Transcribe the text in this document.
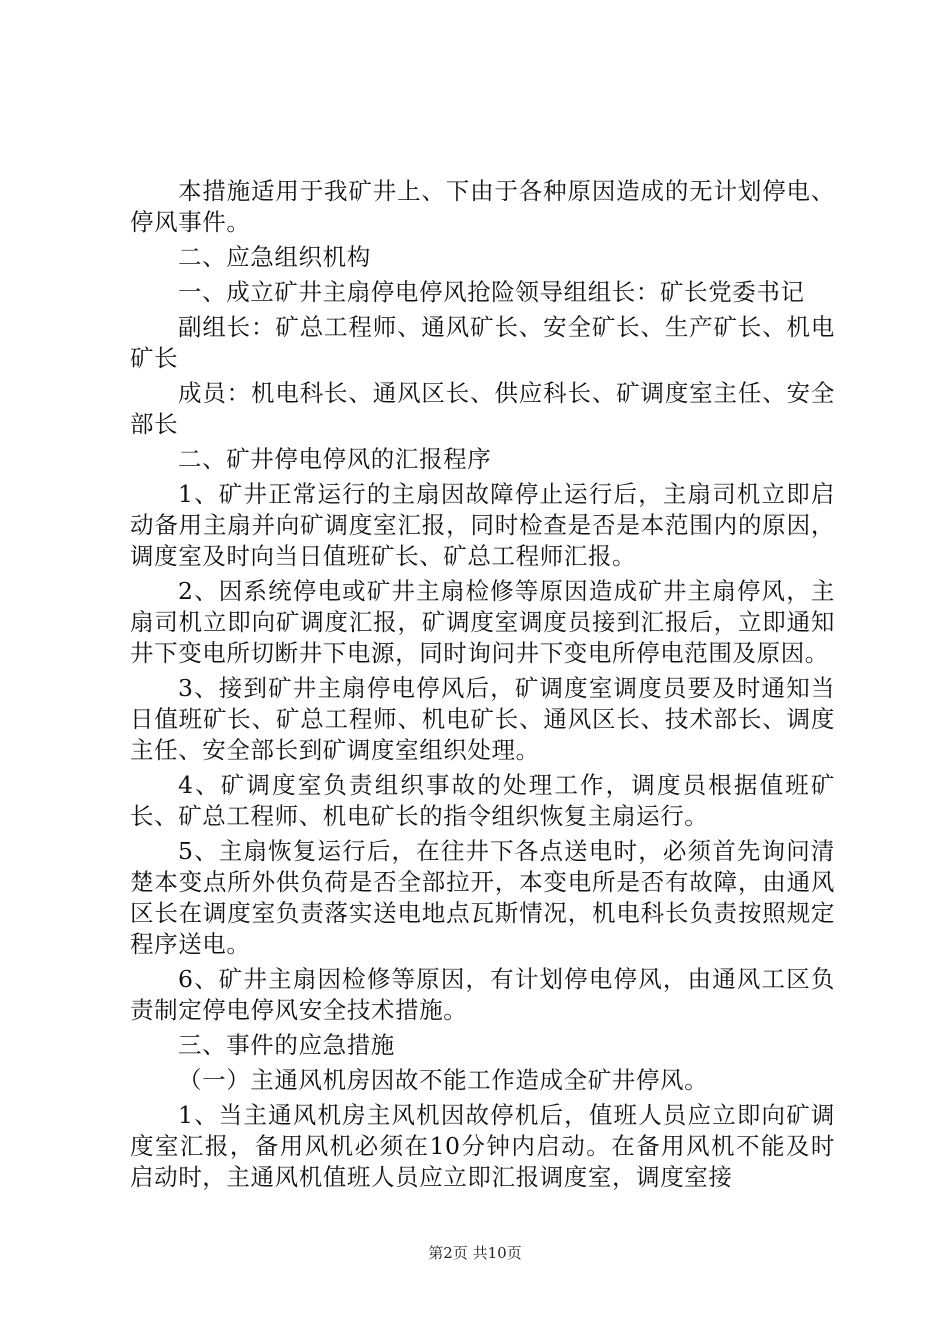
本措施适用于我矿井上、下由于各种原因造成的无计划停电、停风事件。

二、应急组织机构

一、成立矿井主扇停电停风抢险领导组组长：矿长党委书记

副组长：矿总工程师、通风矿长、安全矿长、生产矿长、机电矿长

成员：机电科长、通风区长、供应科长、矿调度室主任、安全部长

二、矿井停电停风的汇报程序

1、矿井正常运行的主扇因故障停止运行后，主扇司机立即启动备用主扇并向矿调度室汇报，同时检查是否是本范围内的原因，调度室及时向当日值班矿长、矿总工程师汇报。

2、因系统停电或矿井主扇检修等原因造成矿井主扇停风，主扇司机立即向矿调度汇报，矿调度室调度员接到汇报后，立即通知井下变电所切断井下电源，同时询问井下变电所停电范围及原因。

3、接到矿井主扇停电停风后，矿调度室调度员要及时通知当日值班矿长、矿总工程师、机电矿长、通风区长、技术部长、调度主任、安全部长到矿调度室组织处理。

4、矿调度室负责组织事故的处理工作，调度员根据值班矿长、矿总工程师、机电矿长的指令组织恢复主扇运行。

5、主扇恢复运行后，在往井下各点送电时，必须首先询问清楚本变点所外供负荷是否全部拉开，本变电所是否有故障，由通风区长在调度室负责落实送电地点瓦斯情况，机电科长负责按照规定程序送电。

6、矿井主扇因检修等原因，有计划停电停风，由通风工区负责制定停电停风安全技术措施。

三、事件的应急措施

（一）主通风机房因故不能工作造成全矿井停风。

1、当主通风机房主风机因故停机后，值班人员应立即向矿调度室汇报，备用风机必须在10分钟内启动。在备用风机不能及时启动时，主通风机值班人员应立即汇报调度室，调度室接

第2页 共10页
